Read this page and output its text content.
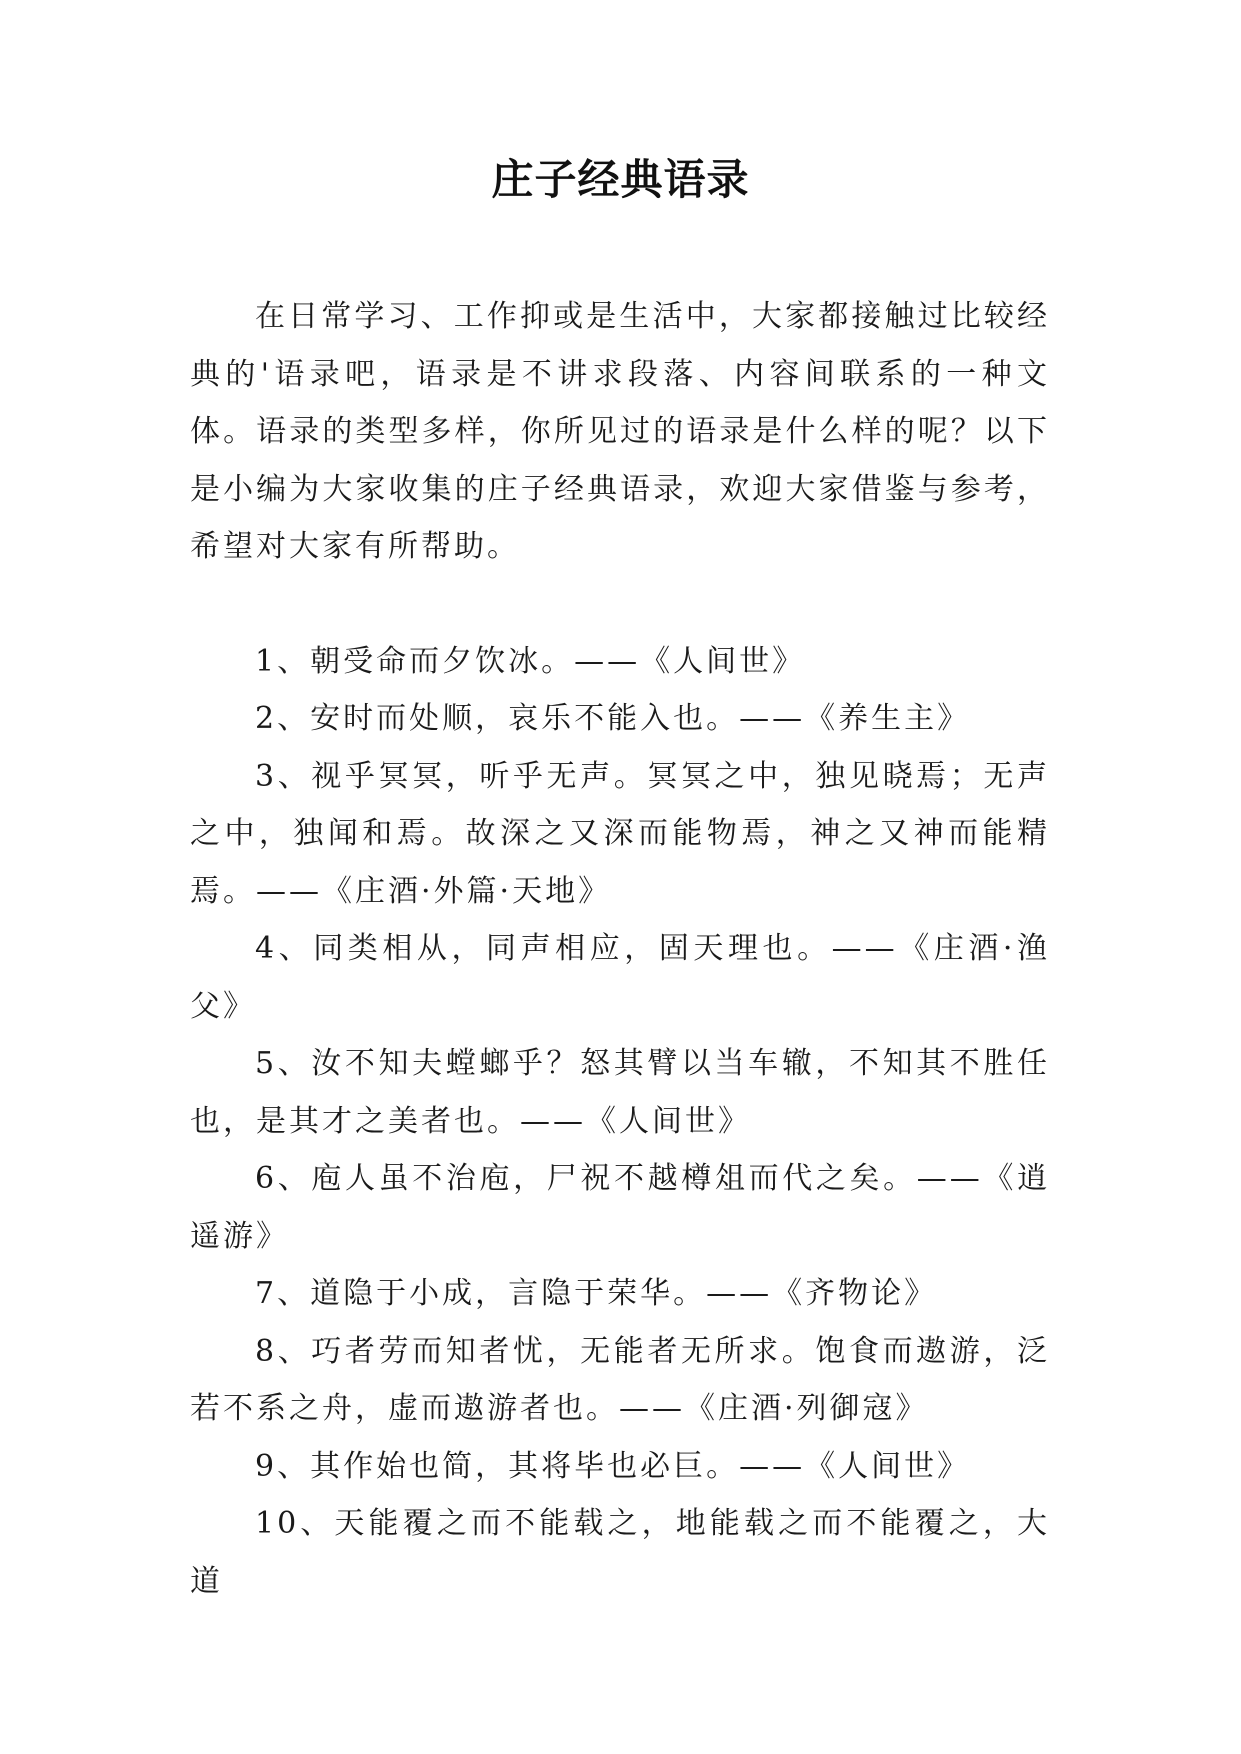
庄子经典语录

在日常学习、工作抑或是生活中，大家都接触过比较经典的'语录吧，语录是不讲求段落、内容间联系的一种文体。语录的类型多样，你所见过的语录是什么样的呢？以下是小编为大家收集的庄子经典语录，欢迎大家借鉴与参考，希望对大家有所帮助。

1、朝受命而夕饮冰。——《人间世》

2、安时而处顺，哀乐不能入也。——《养生主》

3、视乎冥冥，听乎无声。冥冥之中，独见晓焉；无声之中，独闻和焉。故深之又深而能物焉，神之又神而能精焉。——《庄酒·外篇·天地》

4、同类相从，同声相应，固天理也。——《庄酒·渔父》

5、汝不知夫螳螂乎？怒其臂以当车辙，不知其不胜任也，是其才之美者也。——《人间世》

6、庖人虽不治庖，尸祝不越樽俎而代之矣。——《逍遥游》

7、道隐于小成，言隐于荣华。——《齐物论》

8、巧者劳而知者忧，无能者无所求。饱食而遨游，泛若不系之舟，虚而遨游者也。——《庄酒·列御寇》

9、其作始也简，其将毕也必巨。——《人间世》

10、天能覆之而不能载之，地能载之而不能覆之，大道
